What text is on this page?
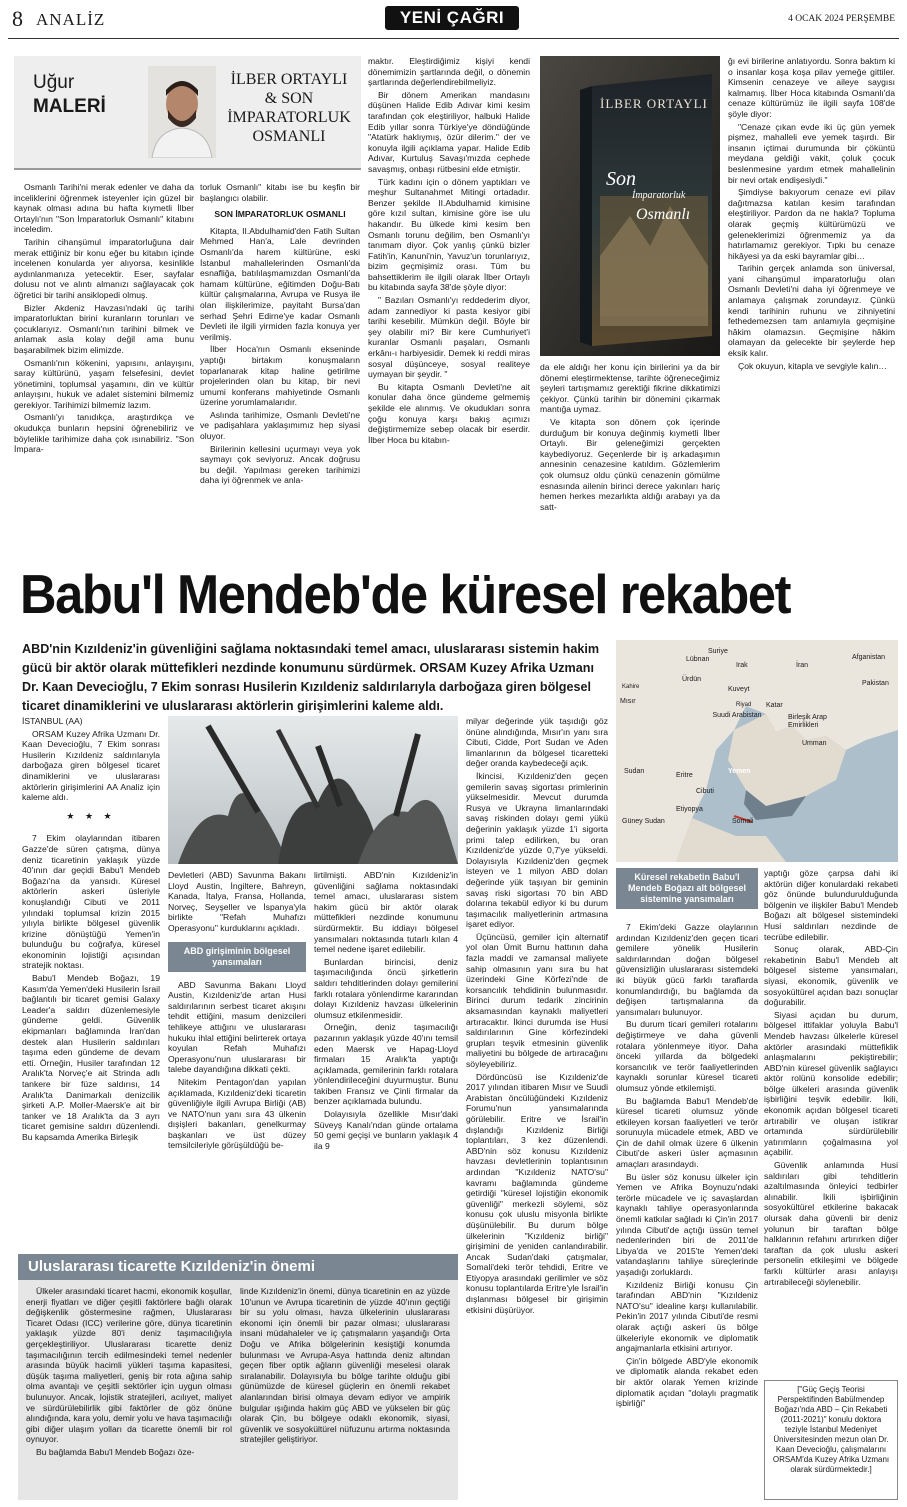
8 ANALİZ	YENİ ÇAĞRI	4 OCAK 2024 PERŞEMBE
Uğur
MALERİ
İLBER ORTAYLI
& SON
İMPARATORLUK
OSMANLI

Osmanlı Tarihi'ni merak edenler ve daha da inceliklerini öğrenmek isteyenler için güzel bir kaynak olması adına bu hafta kıymetli İlber Ortaylı'nın "Son İmparatorluk Osmanlı" kitabını inceledim.

Tarihin cihanşümul imparatorluğuna dair merak ettiğiniz bir konu eğer bu kitabın içinde incelenen konularda yer alıyorsa, kesinlikle aydınlanmanıza yetecektir. Eser, sayfalar dolusu not ve alıntı almanızı sağlayacak çok öğretici bir tarihi ansiklopedi olmuş.

Bizler Akdeniz Havzası'ndaki üç tarihi imparatorluktan birini kuranların torunları ve çocuklarıyız. Osmanlı'nın tarihini bilmek ve anlamak asla kolay değil ama bunu başarabilmek bizim elimizde.

Osmanlı'nın kökenini, yapısını, anlayışını, saray kültürünü, yaşam felsefesini, devlet yönetimini, toplumsal yaşamını, din ve kültür anlayışını, hukuk ve adalet sistemini bilmemiz gerekiyor. Tarihimizi bilmemiz lazım.

Osmanlı'yı tanıdıkça, araştırdıkça ve okudukça bunların hepsini öğrenebiliriz ve böylelikle tarihimize daha çok ısınabiliriz. "Son İmpara-

torluk Osmanlı" kitabı ise bu keşfin bir başlangıcı olabilir.

SON İMPARATORLUK OSMANLI

Kitapta, II.Abdulhamid'den Fatih Sultan Mehmed Han'a, Lale devrinden Osmanlı'da harem kültürüne, eski İstanbul mahallelerinden Osmanlı'da esnafliğa, batılılaşmamızdan Osmanlı'da hamam kültürüne, eğitimden Doğu-Batı kültür çalışmalarına, Avrupa ve Rusya ile olan ilişkilerimize, payitaht Bursa'dan serhad Şehri Edirne'ye kadar Osmanlı Devleti ile ilgili yirmiden fazla konuya yer verilmiş.

İlber Hoca'nın Osmanlı ekseninde yaptığı birtakım konuşmaların toparlanarak kitap haline getirilme projelerinden olan bu kitap, bir nevi umumi konferans mahiyetinde Osmanlı üzerine yorumlamalarıdır.

Aslında tarihimize, Osmanlı Devleti'ne ve padişahlara yaklaşımımız hep siyasi oluyor.

Birilerinin kellesini uçurmayı veya yok saymayı çok seviyoruz. Ancak doğrusu bu değil. Yapılması gereken tarihimizi daha iyi öğrenmek ve anla-

maktır. Eleştirdiğimiz kişiyi kendi dönemimizin şartlarında değil, o dönemin şartlarında değerlendirebilmeliyiz.

Bir dönem Amerikan mandasını düşünen Halide Edib Adıvar kimi kesim tarafından çok eleştiriliyor, halbuki Halide Edib yıllar sonra Türkiye'ye döndüğünde "Atatürk haklıymış, özür dilerim." der ve konuyla ilgili açıklama yapar. Halide Edib Adıvar, Kurtuluş Savaşı'mızda cephede savaşmış, onbaşı rütbesini elde etmiştir.

Türk kadını için o dönem yaptıkları ve meşhur Sultanahmet Mitingi ortadadır. Benzer şekilde II.Abdulhamid kimisine göre kızıl sultan, kimisine göre ise ulu hakandır. Bu ülkede kimi kesim ben Osmanlı torunu değilim, ben Osmanlı'yı tanımam diyor. Çok yanlış çünkü bizler Fatih'in, Kanuni'nin, Yavuz'un torunlarıyız, bizim geçmişimiz orası. Tüm bu bahsettiklerim ile ilgili olarak İlber Ortaylı bu kitabında sayfa 38'de şöyle diyor:

" Bazıları Osmanlı'yı reddederim diyor, adam zannediyor ki pasta kesiyor gibi tarihi kesebilir. Mümkün değil. Böyle bir şey olabilir mi? Bir kere Cumhuriyet'i kuranlar Osmanlı paşaları, Osmanlı erkânı-ı harbiyesidir. Demek ki reddi miras sosyal düşünceye, sosyal realiteye uymayan bir şeydir. "

Bu kitapta Osmanlı Devleti'ne ait konular daha önce gündeme gelmemiş şekilde ele alınmış. Ve okudukları sonra çoğu konuya karşı bakış açımızı değiştirmemize sebep olacak bir eserdir. İlber Hoca bu kitabın-

İLBER ORTAYLI
Son
İmparatorluk
Osmanlı

da ele aldığı her konu için birilerini ya da bir dönemi eleştirmektense, tarihte öğreneceğimiz şeyleri tartışmamız gerektiği fikrine dikkatimizi çekiyor. Çünkü tarihin bir dönemini çıkarmak mantığa uymaz.

Ve kitapta son dönem çok içerinde durduğum bir konuya değinmiş kıymetli İlber Ortaylı. Bir geleneğimizi gerçekten kaybediyoruz. Geçenlerde bir iş arkadaşımın annesinin cenazesine katıldım. Gözlemlerim çok olumsuz oldu çünkü cenazenin gömülme esnasında ailenin birinci derece yakınları hariç hemen herkes mezarlıkta aldığı arabayı ya da satt-

ğı evi birilerine anlatıyordu. Sonra baktım ki o insanlar koşa koşa pilav yemeğe gittiler. Kimsenin cenazeye ve aileye saygısı kalmamış. İlber Hoca kitabında Osmanlı'da cenaze kültürümüz ile ilgili sayfa 108'de şöyle diyor:

"Cenaze çıkan evde iki üç gün yemek pişmez, mahalleli eve yemek taşırdı. Bir insanın içtimai durumunda bir çöküntü meydana geldiği vakit, çoluk çocuk beslenmesine yardım etmek mahallelinin bir nevi ortak endişesiydi."

Şimdiyse bakıyorum cenaze evi pilav dağıtmazsa katılan kesim tarafından eleştiriliyor. Pardon da ne hakla? Topluma olarak geçmiş kültürümüzü ve geleneklerimizi öğrenmemiz ya da hatırlamamız gerekiyor. Tıpkı bu cenaze hikâyesi ya da eski bayramlar gibi…

Tarihin gerçek anlamda son üniversal, yani cihanşümul imparatorluğu olan Osmanlı Devleti'ni daha iyi öğrenmeye ve anlamaya çalışmak zorundayız. Çünkü kendi tarihinin ruhunu ve zihniyetini fethedemezsen tam anlamıyla geçmişine hâkim olamazsın. Geçmişine hâkim olamayan da gelecekte bir şeylerde hep eksik kalır.

Çok okuyun, kitapla ve sevgiyle kalın…

Babu'l Mendeb'de küresel rekabet
ABD'nin Kızıldeniz'in güvenliğini sağlama noktasındaki temel amacı, uluslararası sistemin hakim gücü bir aktör olarak müttefikleri nezdinde konumunu sürdürmek. ORSAM Kuzey Afrika Uzmanı Dr. Kaan Devecioğlu, 7 Ekim sonrası Husilerin Kızıldeniz saldırılarıyla darboğaza giren bölgesel ticaret dinamiklerini ve uluslararası aktörlerin girişimlerini kaleme aldı.

İSTANBUL (AA)

ORSAM Kuzey Afrika Uzmanı Dr. Kaan Devecioğlu, 7 Ekim sonrası Husilerin Kızıldeniz saldırılarıyla darboğaza giren bölgesel ticaret dinamiklerini ve uluslararası aktörlerin girişimlerini AA Analiz için kaleme aldı.

★ ★ ★

7 Ekim olaylarından itibaren Gazze'de süren çatışma, dünya deniz ticaretinin yaklaşık yüzde 40'ının dar geçidi Babu'l Mendeb Boğazı'na da yansıdı. Küresel aktörlerin askeri üsleriyle konuşlandığı Cibuti ve 2011 yılındaki toplumsal krizin 2015 yılıyla birlikte bölgesel güvenlik krizine dönüştüğü Yemen'in bulunduğu bu coğrafya, küresel ekonominin lojistiği açısından stratejik noktası.

Babu'l Mendeb Boğazı, 19 Kasım'da Yemen'deki Husilerin İsrail bağlantılı bir ticaret gemisi Galaxy Leader'a saldırı düzenlemesiyle gündeme geldi. Güvenlik ekipmanları bağlamında İran'dan destek alan Husilerin saldırıları taşıma eden gündeme de devam etti. Örneğin, Husiler tarafından 12 Aralık'ta Norveç'e ait Strinda adlı tankere bir füze saldırısı, 14 Aralık'ta Danimarkalı denizcilik şirketi A.P. Moller-Maersk'e ait bir tanker ve 18 Aralık'ta da 3 ayrı ticaret gemisine saldırı düzenlendi. Bu kapsamda Amerika Birleşik

Devletleri (ABD) Savunma Bakanı Lloyd Austin, İngiltere, Bahreyn, Kanada, İtalya, Fransa, Hollanda, Norveç, Seyşeller ve İspanya'yla birlikte "Refah Muhafızı Operasyonu" kurduklarını açıkladı.

ABD girişiminin bölgesel yansımaları

ABD Savunma Bakanı Lloyd Austin, Kızıldeniz'de artan Husi saldırılarının serbest ticaret akışını tehdit ettiğini, masum denizcileri tehlikeye attığını ve uluslararası hukuku ihlal ettiğini belirterek ortaya koyulan Refah Muhafızı Operasyonu'nun uluslararası bir talebe dayandığına dikkati çekti.

Nitekim Pentagon'dan yapılan açıklamada, Kızıldeniz'deki ticaretin güvenliğiyle ilgili Avrupa Birliği (AB) ve NATO'nun yanı sıra 43 ülkenin dışişleri bakanları, genelkurmay başkanları ve üst düzey temsilcileriyle görüşüldüğü be-

lirtilmişti. ABD'nin Kızıldeniz'in güvenliğini sağlama noktasındaki temel amacı, uluslararası sistem hakim gücü bir aktör olarak müttefikleri nezdinde konumunu sürdürmektir. Bu iddiayı bölgesel yansımaları noktasında tutarlı kılan 4 temel nedene işaret edilebilir.

Bunlardan birincisi, deniz taşımacılığında öncü şirketlerin saldırı tehditlerinden dolayı gemilerini farklı rotalara yönlendirme kararından dolayı Kızıldeniz havzası ülkelerinin olumsuz etkilenmesidir.

Örneğin, deniz taşımacılığı pazarının yaklaşık yüzde 40'ını temsil eden Maersk ve Hapag-Lloyd firmaları 15 Aralık'ta yaptığı açıklamada, gemilerinin farklı rotalara yönlendirileceğini duyurmuştur. Bunu takiben Fransız ve Çinli firmalar da benzer açıklamada bulundu.

Dolayısıyla özellikle Mısır'daki Süveyş Kanalı'ndan günde ortalama 50 gemi geçişi ve bunların yaklaşık 4 ila 9

milyar değerinde yük taşıdığı göz önüne alındığında, Mısır'ın yanı sıra Cibuti, Cidde, Port Sudan ve Aden limanlarının da bölgesel ticaretteki değer oranda kaybedeceği açık.

İkincisi, Kızıldeniz'den geçen gemilerin savaş sigortası primlerinin yükselmesidir. Mevcut durumda Rusya ve Ukrayna limanlarındaki savaş riskinden dolayı gemi yükü değerinin yaklaşık yüzde 1'i sigorta primi talep edilirken, bu oran Kızıldeniz'de yüzde 0,7'ye yükseldi. Dolayısıyla Kızıldeniz'den geçmek isteyen ve 1 milyon ABD doları değerinde yük taşıyan bir geminin savaş riski sigortası 70 bin ABD dolarına tekabül ediyor ki bu durum taşımacılık maliyetlerinin artmasına işaret ediyor.

Üçüncüsü, gemiler için alternatif yol olan Ümit Burnu hattının daha fazla maddi ve zamansal maliyete sahip olmasının yanı sıra bu hat üzerindeki Gine Körfezi'nde de korsancılık tehdidinin bulunmasıdır. Birinci durum tedarik zincirinin aksamasından kaynaklı maliyetleri artıracaktır. İkinci durumda ise Husi saldırılarının Gine körfezindeki grupları teşvik etmesinin güvenlik maliyetini bu bölgede de artıracağını söyleyebiliriz.

Dördüncüsü ise Kızıldeniz'de 2017 yılından itibaren Mısır ve Suudi Arabistan öncülüğündeki Kızıldeniz Forumu'nun yansımalarında görülebilir. Eritre ve İsrail'in dışlandığı Kızıldeniz Birliği toplantıları, 3 kez düzenlendi. ABD'nin söz konusu Kızıldeniz havzası devletlerinin toplantısının ardından "Kızıldeniz NATO'su" kavramı bağlamında gündeme getirdiği "küresel lojistiğin ekonomik güvenliği" merkezli söylemi, söz konusu çok uluslu misyonla birlikte düşünülebilir. Bu durum bölge ülkelerinin "Kızıldeniz birliği" girişimini de yeniden canlandırabilir. Ancak Sudan'daki çatışmalar, Somali'deki terör tehdidi, Eritre ve Etiyopya arasındaki gerilimler ve söz konusu toplantılarda Eritre'yle İsrail'in dışlanması bölgesel bir girişimin etkisini düşürüyor.

Suriye
Lübnan
Irak	İran
Afganistan
Ürdün
Kuveyt
Pakistan
Katar
Mısır
Suudi Arabistan	Birleşik Arap Emirlikleri
Umman
Sudan
Eritre
Yemen
Cibuti
Etiyopya
Güney Sudan	Somali
Kahire
Riyad
Küresel rekabetin Babu'l Mendeb Boğazı alt bölgesel sistemine yansımaları

7 Ekim'deki Gazze olaylarının ardından Kızıldeniz'den geçen ticari gemilere yönelik Husilerin saldırılarından doğan bölgesel güvensizliğin uluslararası sistemdeki iki büyük gücü farklı taraflarda konumlandırdığı, bu bağlamda da değişen tartışmalarına da yansımaları bulunuyor.

Bu durum ticari gemileri rotalarını değiştirmeye ve daha güvenli rotalara yönlenmeye itiyor. Daha önceki yıllarda da bölgedeki korsancılık ve terör faaliyetlerinden kaynaklı sorunlar küresel ticareti olumsuz yönde etkilemişti.

Bu bağlamda Babu'l Mendeb'de küresel ticareti olumsuz yönde etkileyen korsan faaliyetleri ve terör sorunuyla mücadele etmek, ABD ve Çin de dahil olmak üzere 6 ülkenin Cibuti'de askeri üsler açmasının amaçları arasındaydı.

Bu üsler söz konusu ülkeler için Yemen ve Afrika Boynuzu'ndaki terörle mücadele ve iç savaşlardan kaynaklı tahliye operasyonlarında önemli katkılar sağladı ki Çin'in 2017 yılında Cibuti'de açtığı üssün temel nedenlerinden biri de 2011'de Libya'da ve 2015'te Yemen'deki vatandaşlarını tahliye süreçlerinde yaşadığı zorluklardı.

Kızıldeniz Birliği konusu Çin tarafından ABD'nin "Kızıldeniz NATO'su" idealine karşı kullanılabilir. Pekin'in 2017 yılında Cibuti'de resmi olarak açtığı askeri üs bölge ülkeleriyle ekonomik ve diplomatik angajmanlarla etkisini artırıyor.

Çin'in bölgede ABD'yle ekonomik ve diplomatik alanda rekabet eden bir aktör olarak Yemen krizinde diplomatik açıdan "dolaylı pragmatik işbirliği"

yaptığı göze çarpsa dahi iki aktörün diğer konulardaki rekabeti göz önünde bulundurulduğunda bölgenin ve ilişkiler Babu'l Mendeb Boğazı alt bölgesel sistemindeki Husi saldırıları nezdinde de tecrübe edilebilir.

Sonuç olarak, ABD-Çin rekabetinin Babu'l Mendeb alt bölgesel sisteme yansımaları, siyasi, ekonomik, güvenlik ve sosyokültürel açıdan bazı sonuçlar doğurabilir.

Siyasi açıdan bu durum, bölgesel ittifaklar yoluyla Babu'l Mendeb havzası ülkelerle küresel aktörler arasındaki müttefiklik anlaşmalarını pekiştirebilir; ABD'nin küresel güvenlik sağlayıcı aktör rolünü konsolide edebilir; bölge ülkeleri arasında güvenlik işbirliğini teşvik edebilir. İkili, ekonomik açıdan bölgesel ticareti artırabilir ve oluşan istikrar ortamında sürdürülebilir yatırımların çoğalmasına yol açabilir.

Güvenlik anlamında Husi saldırıları gibi tehditlerin azaltılmasında önleyici tedbirler alınabilir. İkili işbirliğinin sosyokültürel etkilerine bakacak olursak daha güvenli bir deniz yolunun bir taraftan bölge halklarının refahını artırırken diğer taraftan da çok uluslu askeri personelin etkileşimi ve bölgede farklı kültürler arası anlayışı artırabileceği söylenebilir.

["Güç Geçiş Teorisi Perspektifinden Babülmendep Boğazı'nda ABD – Çin Rekabeti (2011-2021)" konulu doktora teziyle İstanbul Medeniyet Üniversitesinden mezun olan Dr. Kaan Devecioğlu, çalışmalarını ORSAM'da Kuzey Afrika Uzmanı olarak sürdürmektedir.]
Uluslararası ticarette Kızıldeniz'in önemi

Ülkeler arasındaki ticaret hacmi, ekonomik koşullar, enerji fiyatları ve diğer çeşitli faktörlere bağlı olarak değişkenlik göstermesine rağmen, Uluslararası Ticaret Odası (ICC) verilerine göre, dünya ticaretinin yaklaşık yüzde 80'i deniz taşımacılığıyla gerçekleştiriliyor. Uluslararası ticarette deniz taşımacılığının tercih edilmesindeki temel nedenler arasında büyük hacimli yükleri taşıma kapasitesi, düşük taşıma maliyetleri, geniş bir rota ağına sahip olma avantajı ve çeşitli sektörler için uygun olması bulunuyor. Ancak, lojistik stratejileri, acılıyet, maliyet ve sürdürülebilirlik gibi faktörler de göz önüne alındığında, kara yolu, demir yolu ve hava taşımacılığı gibi diğer ulaşım yolları da ticarette önemli bir rol oynuyor.

Bu bağlamda Babu'l Mendeb Boğazı öze-

linde Kızıldeniz'in önemi, dünya ticaretinin en az yüzde 10'unun ve Avrupa ticaretinin de yüzde 40'ının geçtiği bir su yolu olması, havza ülkelerinin uluslararası ekonomi için önemli bir pazar olması; uluslararası insani müdahaleler ve iç çatışmaların yaşandığı Orta Doğu ve Afrika bölgelerinin kesiştiği konumda bulunması ve Avrupa-Asya hattında deniz altından geçen fiber optik ağların güvenliği meselesi olarak sıralanabilir. Dolayısıyla bu bölge tarihte olduğu gibi günümüzde de küresel güçlerin en önemli rekabet alanlarından birisi olmaya devam ediyor ve ampirik bulgular ışığında hakim güç ABD ve yükselen bir güç olarak Çin, bu bölgeye odaklı ekonomik, siyasi, güvenlik ve sosyokültürel nüfuzunu artırma noktasında stratejiler geliştiriyor.
